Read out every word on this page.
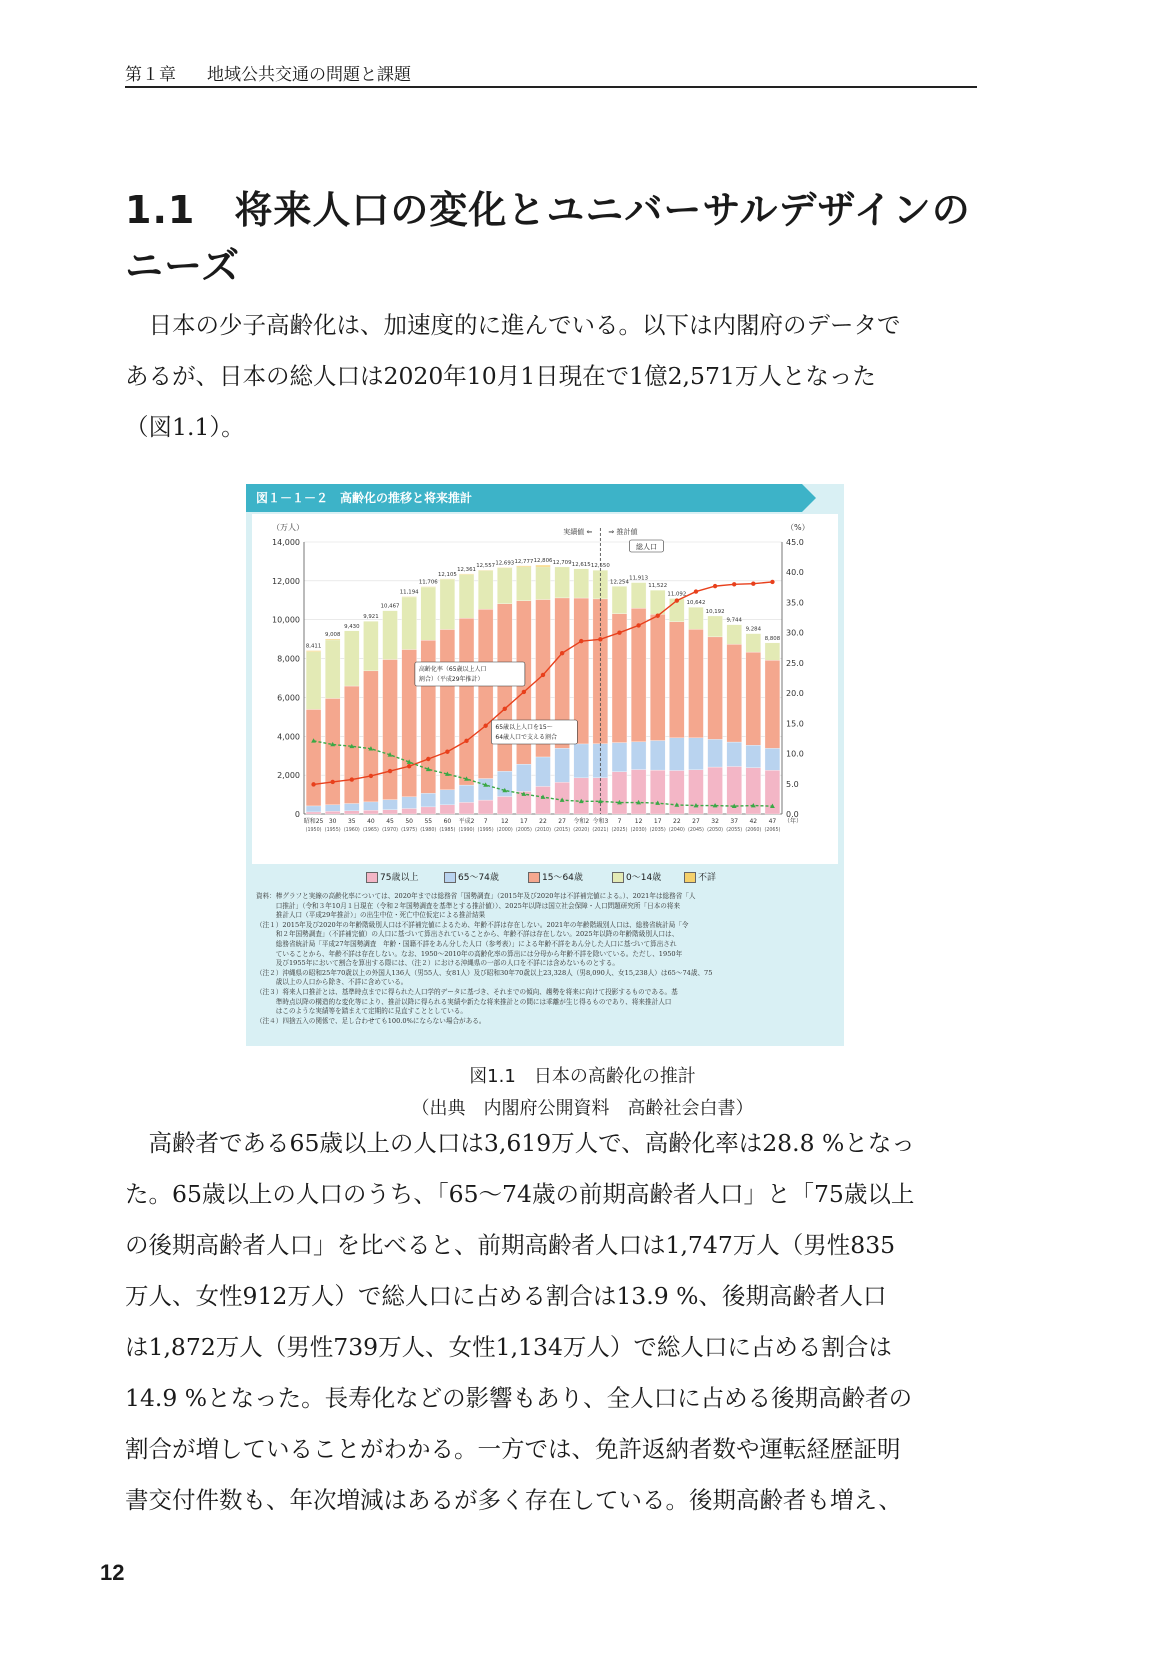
第１章 地域公共交通の問題と課題
1.1　将来人口の変化とユニバーサルデザインの
ニーズ
　日本の少子高齢化は、加速度的に進んでいる。以下は内閣府のデータで
あるが、日本の総人口は2020年10月1日現在で1億2,571万人となった
（図1.1）。
図１－１－２　高齢化の推移と将来推計
0
2,000
4,000
6,000
8,000
10,000
12,000
14,000
0.0
5.0
10.0
15.0
20.0
25.0
30.0
35.0
40.0
45.0
（万人）	（%）
8,411
昭和25
(1950)
9,008
30
(1955)
9,430
35
(1960)
9,921
40
(1965)
10,467
45
(1970)
11,194
50
(1975)
11,706
55
(1980)
12,105
60
(1985)
12,361
平成2
(1990)
12,557
7
(1995)
12,693
12
(2000)
12,777
17
(2005)
12,806
22
(2010)
12,709
27
(2015)
12,615
令和2
(2020)
12,550
令和3
(2021)
12,254
7
(2025)
11,913
12
(2030)
11,522
17
(2035)
11,092
22
(2040)
10,642
27
(2045)
10,192
32
(2050)
9,744
37
(2055)
9,284
42
(2060)
8,808
47
(2065)
（年）
実績値 ⇐ ⇒ 推計値
総人口
高齢化率（65歳以上人口
割合）（平成29年推計）
65歳以上人口を15～
64歳人口で支える割合
75歳以上	65～74歳	15～64歳	0～14歳	不詳
資料：棒グラフと実線の高齢化率については、2020年までは総務省「国勢調査」（2015年及び2020年は不詳補完値による。）、2021年は総務省「人
　　　口推計」（令和３年10月１日現在（令和２年国勢調査を基準とする推計値））、2025年以降は国立社会保障・人口問題研究所「日本の将来
　　　推計人口（平成29年推計）」の出生中位・死亡中位仮定による推計結果
（注１）2015年及び2020年の年齢階級別人口は不詳補完値によるため、年齢不詳は存在しない。2021年の年齢階級別人口は、総務省統計局「令
　　　和２年国勢調査」（不詳補完値）の人口に基づいて算出されていることから、年齢不詳は存在しない。2025年以降の年齢階級別人口は、
　　　総務省統計局「平成27年国勢調査　年齢・国籍不詳をあん分した人口（参考表）」による年齢不詳をあん分した人口に基づいて算出され
　　　ていることから、年齢不詳は存在しない。なお、1950～2010年の高齢化率の算出には分母から年齢不詳を除いている。ただし、1950年
　　　及び1955年において割合を算出する際には、（注２）における沖縄県の一部の人口を不詳には含めないものとする。
（注２）沖縄県の昭和25年70歳以上の外国人136人（男55人、女81人）及び昭和30年70歳以上23,328人（男8,090人、女15,238人）は65～74歳、75
　　　歳以上の人口から除き、不詳に含めている。
（注３）将来人口推計とは、基準時点までに得られた人口学的データに基づき、それまでの傾向、趨勢を将来に向けて投影するものである。基
　　　準時点以降の構造的な変化等により、推計以降に得られる実績や新たな将来推計との間には乖離が生じ得るものであり、将来推計人口
　　　はこのような実績等を踏まえて定期的に見直すこととしている。
（注４）四捨五入の関係で、足し合わせても100.0%にならない場合がある。
図1.1　日本の高齢化の推計
（出典　内閣府公開資料　高齢社会白書）
　高齢者である65歳以上の人口は3,619万人で、高齢化率は28.8 %となっ
た。65歳以上の人口のうち、「65～74歳の前期高齢者人口」と「75歳以上
の後期高齢者人口」を比べると、前期高齢者人口は1,747万人（男性835
万人、女性912万人）で総人口に占める割合は13.9 %、後期高齢者人口
は1,872万人（男性739万人、女性1,134万人）で総人口に占める割合は
14.9 %となった。長寿化などの影響もあり、全人口に占める後期高齢者の
割合が増していることがわかる。一方では、免許返納者数や運転経歴証明
書交付件数も、年次増減はあるが多く存在している。後期高齢者も増え、
12
